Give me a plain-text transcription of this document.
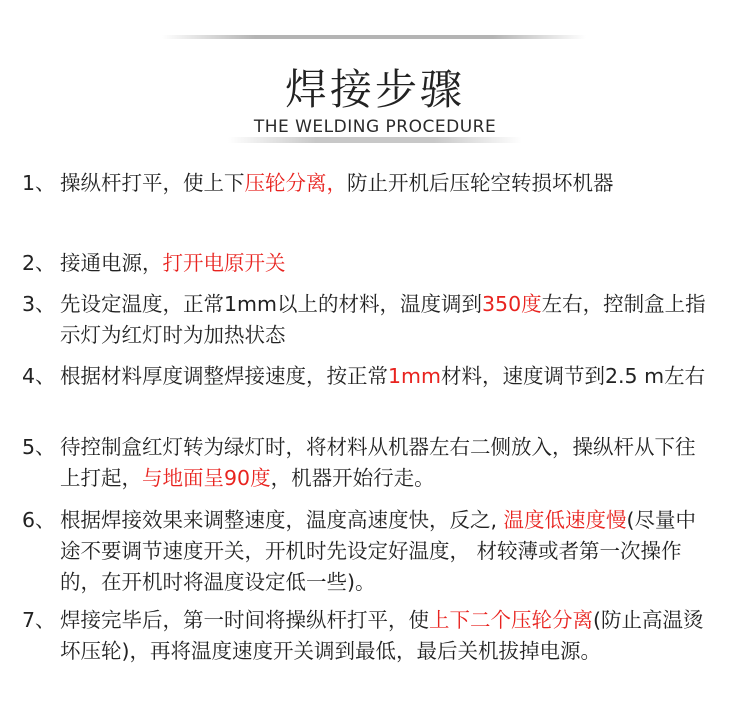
焊接步骤
THE WELDING PROCEDURE
1、 操纵杆打平，使上下压轮分离，防止开机后压轮空转损坏机器
2、 接通电源，打开电原开关
3、 先设定温度，正常1mm以上的材料，温度调到350度左右，控制盒上指示灯为红灯时为加热状态
4、 根据材料厚度调整焊接速度，按正常1mm材料，速度调节到2.5 m左右
5、 待控制盒红灯转为绿灯时，将材料从机器左右二侧放入，操纵杆从下往上打起，与地面呈90度，机器开始行走。
6、 根据焊接效果来调整速度，温度高速度快，反之, 温度低速度慢(尽量中途不要调节速度开关，开机时先设定好温度， 材较薄或者第一次操作的，在开机时将温度设定低一些)。
7、 焊接完毕后，第一时间将操纵杆打平，使上下二个压轮分离(防止高温烫坏压轮)，再将温度速度开关调到最低，最后关机拔掉电源。
